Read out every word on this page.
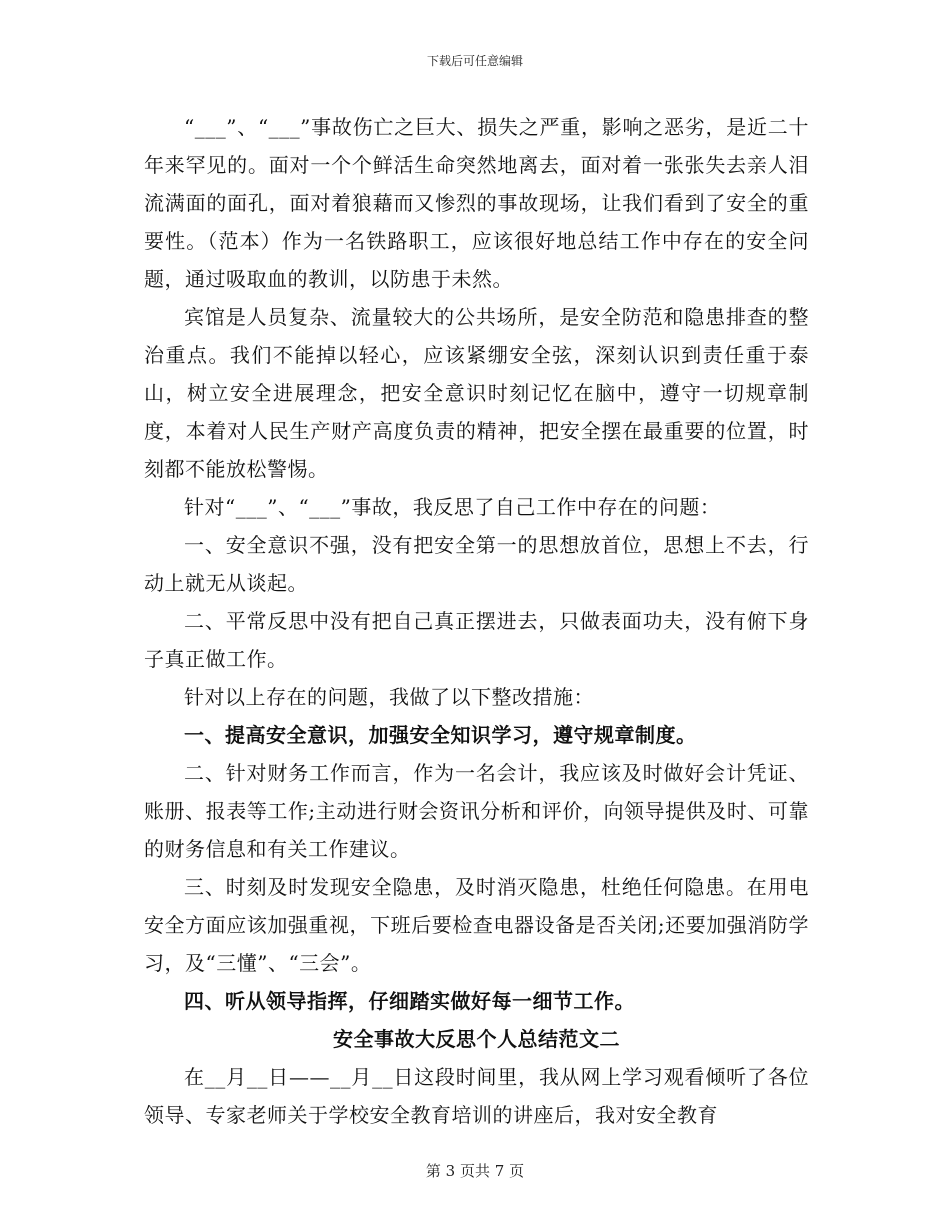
下载后可任意编辑

“___”、“___”事故伤亡之巨大、损失之严重，影响之恶劣，是近二十年来罕见的。面对一个个鲜活生命突然地离去，面对着一张张失去亲人泪流满面的面孔，面对着狼藉而又惨烈的事故现场，让我们看到了安全的重要性。（范本）作为一名铁路职工，应该很好地总结工作中存在的安全问题，通过吸取血的教训，以防患于未然。

宾馆是人员复杂、流量较大的公共场所，是安全防范和隐患排查的整治重点。我们不能掉以轻心，应该紧绷安全弦，深刻认识到责任重于泰山，树立安全进展理念，把安全意识时刻记忆在脑中，遵守一切规章制度，本着对人民生产财产高度负责的精神，把安全摆在最重要的位置，时刻都不能放松警惕。

针对“___”、“___”事故，我反思了自己工作中存在的问题：

一、安全意识不强，没有把安全第一的思想放首位，思想上不去，行动上就无从谈起。

二、平常反思中没有把自己真正摆进去，只做表面功夫，没有俯下身子真正做工作。

针对以上存在的问题，我做了以下整改措施：

一、提高安全意识，加强安全知识学习，遵守规章制度。

二、针对财务工作而言，作为一名会计，我应该及时做好会计凭证、账册、报表等工作;主动进行财会资讯分析和评价，向领导提供及时、可靠的财务信息和有关工作建议。

三、时刻及时发现安全隐患，及时消灭隐患，杜绝任何隐患。在用电安全方面应该加强重视，下班后要检查电器设备是否关闭;还要加强消防学习，及“三懂”、“三会”。

四、听从领导指挥，仔细踏实做好每一细节工作。

安全事故大反思个人总结范文二

在__月__日——__月__日这段时间里，我从网上学习观看倾听了各位领导、专家老师关于学校安全教育培训的讲座后，我对安全教育

第 3 页共 7 页
